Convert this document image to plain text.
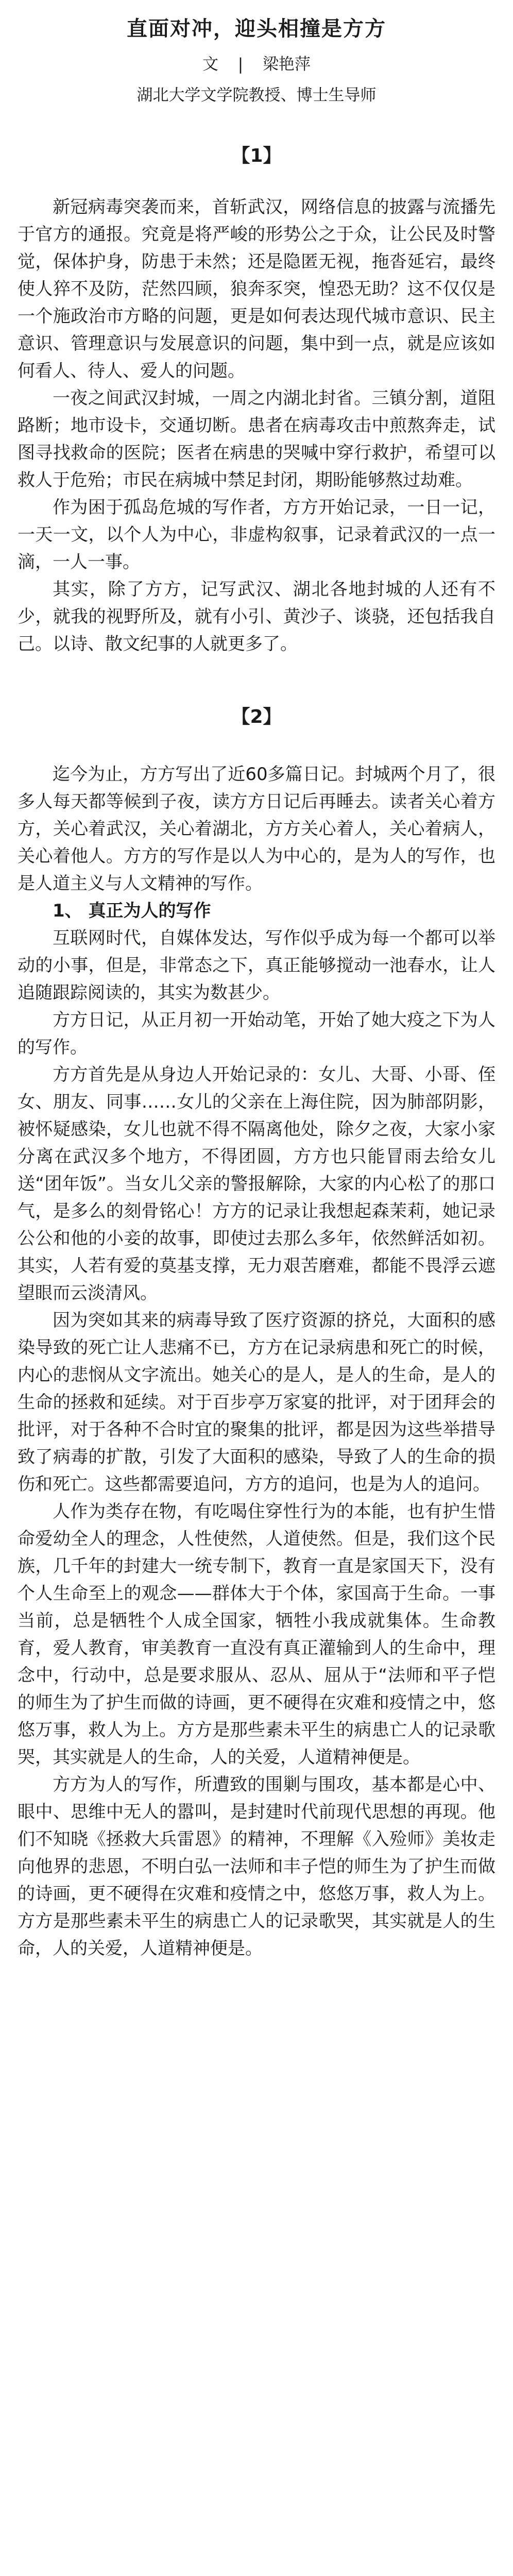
直面对冲，迎头相撞是方方
文 | 梁艳萍
湖北大学文学院教授、博士生导师
【1】

新冠病毒突袭而来，首斩武汉，网络信息的披露与流播先于官方的通报。究竟是将严峻的形势公之于众，让公民及时警觉，保体护身，防患于未然；还是隐匿无视，拖沓延宕，最终使人猝不及防，茫然四顾，狼奔豕突，惶恐无助？这不仅仅是一个施政治市方略的问题，更是如何表达现代城市意识、民主意识、管理意识与发展意识的问题，集中到一点，就是应该如何看人、待人、爱人的问题。

一夜之间武汉封城，一周之内湖北封省。三镇分割，道阻路断；地市设卡，交通切断。患者在病毒攻击中煎熬奔走，试图寻找救命的医院；医者在病患的哭喊中穿行救护，希望可以救人于危殆；市民在病城中禁足封闭，期盼能够熬过劫难。

作为困于孤岛危城的写作者，方方开始记录，一日一记，一天一文，以个人为中心，非虚构叙事，记录着武汉的一点一滴，一人一事。

其实，除了方方，记写武汉、湖北各地封城的人还有不少，就我的视野所及，就有小引、黄沙子、谈骁，还包括我自己。以诗、散文纪事的人就更多了。

【2】

迄今为止，方方写出了近60多篇日记。封城两个月了，很多人每天都等候到子夜，读方方日记后再睡去。读者关心着方方，关心着武汉，关心着湖北，方方关心着人，关心着病人，关心着他人。方方的写作是以人为中心的，是为人的写作，也是人道主义与人文精神的写作。

1、 真正为人的写作

互联网时代，自媒体发达，写作似乎成为每一个都可以举动的小事，但是，非常态之下，真正能够搅动一池春水，让人追随跟踪阅读的，其实为数甚少。

方方日记，从正月初一开始动笔，开始了她大疫之下为人的写作。

方方首先是从身边人开始记录的：女儿、大哥、小哥、侄女、朋友、同事……女儿的父亲在上海住院，因为肺部阴影，被怀疑感染，女儿也就不得不隔离他处，除夕之夜，大家小家分离在武汉多个地方，不得团圆，方方也只能冒雨去给女儿送“团年饭”。当女儿父亲的警报解除，大家的内心松了的那口气，是多么的刻骨铭心！方方的记录让我想起森茉莉，她记录公公和他的小妾的故事，即使过去那么多年，依然鲜活如初。其实，人若有爱的莫基支撑，无力艰苦磨难，都能不畏浮云遮望眼而云淡清风。

因为突如其来的病毒导致了医疗资源的挤兑，大面积的感染导致的死亡让人悲痛不已，方方在记录病患和死亡的时候，内心的悲悯从文字流出。她关心的是人，是人的生命，是人的生命的拯救和延续。对于百步亭万家宴的批评，对于团拜会的批评，对于各种不合时宜的聚集的批评，都是因为这些举措导致了病毒的扩散，引发了大面积的感染，导致了人的生命的损伤和死亡。这些都需要追问，方方的追问，也是为人的追问。

人作为类存在物，有吃喝住穿性行为的本能，也有护生惜命爱幼全人的理念，人性使然，人道使然。但是，我们这个民族，几千年的封建大一统专制下，教育一直是家国天下，没有个人生命至上的观念——群体大于个体，家国高于生命。一事当前，总是牺牲个人成全国家，牺牲小我成就集体。生命教育，爱人教育，审美教育一直没有真正灌输到人的生命中，理念中，行动中，总是要求服从、忍从、屈从于“法师和平子恺的师生为了护生而做的诗画，更不硬得在灾难和疫情之中，悠悠万事，救人为上。方方是那些素未平生的病患亡人的记录歌哭，其实就是人的生命，人的关爱，人道精神便是。

方方为人的写作，所遭致的围剿与围攻，基本都是心中、眼中、思维中无人的嚣叫，是封建时代前现代思想的再现。他们不知晓《拯救大兵雷恩》的精神，不理解《入殓师》美妆走向他界的悲恩，不明白弘一法师和丰子恺的师生为了护生而做的诗画，更不硬得在灾难和疫情之中，悠悠万事，救人为上。方方是那些素未平生的病患亡人的记录歌哭，其实就是人的生命，人的关爱，人道精神便是。
